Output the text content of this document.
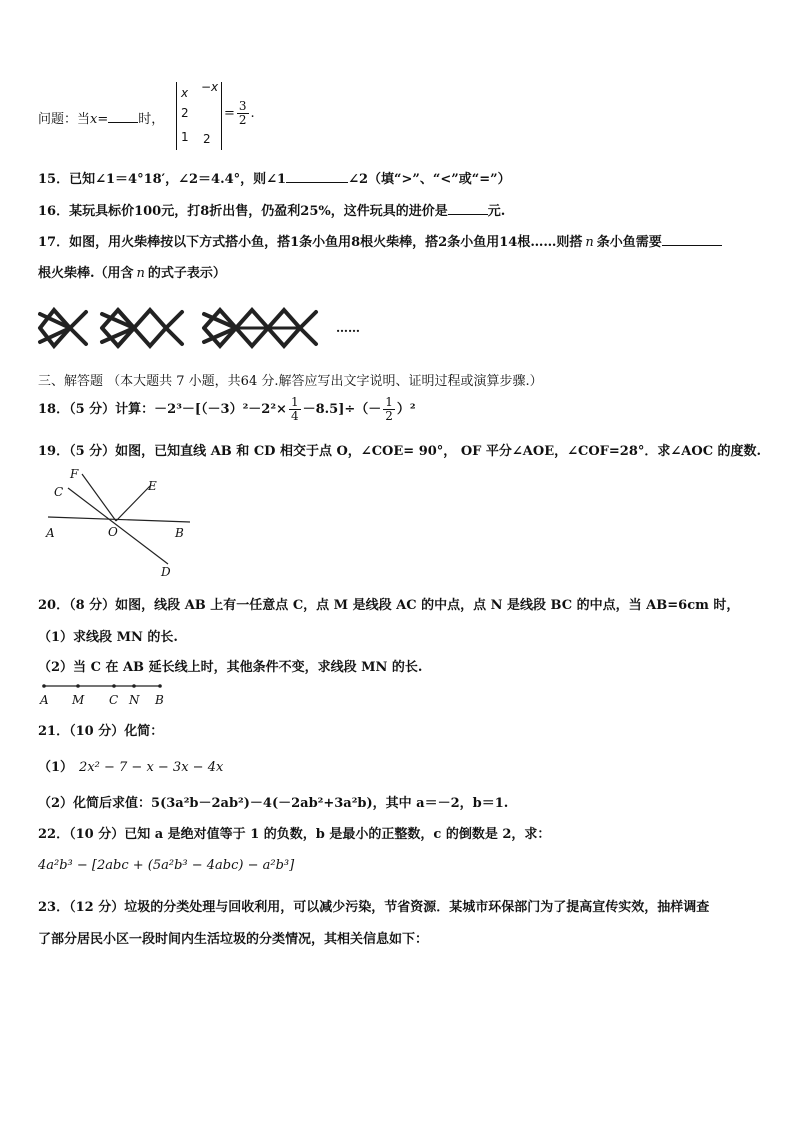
问题：当x= 时，
x −x
2
1 2
= $\frac{3}{2}$ .
15．已知∠1＝4°18′，∠2＝4.4°，则∠1	∠2（填“>”、“<”或“=”）
16．某玩具标价100元，打8折出售，仍盈利25%，这件玩具的进价是	元.
17．如图，用火柴棒按以下方式搭小鱼，搭1条小鱼用8根火柴棒，搭2条小鱼用14根……则搭 n 条小鱼需要
根火柴棒.（用含 n 的式子表示）
……
三、解答题 （本大题共 7 小题，共64 分.解答应写出文字说明、证明过程或演算步骤.）
18．（5 分）计算：$-2^3-[(-3)^2-2^2\times \frac{1}{4} -8.5]\div(- \frac{1}{2} )^2$
19．（5 分）如图，已知直线 AB 和 CD 相交于点 O，∠COE= 90°， OF 平分∠AOE，∠COF=28°．求∠AOC 的度数.
F
C	E
A	O	B
D
20．（8 分）如图，线段 AB 上有一任意点 C，点 M 是线段 AC 的中点，点 N 是线段 BC 的中点，当 AB=6cm 时，
（1）求线段 MN 的长.
（2）当 C 在 AB 延长线上时，其他条件不变，求线段 MN 的长.
A M C N B
21．（10 分）化简：
（1） 2x² − 7 − x − 3x − 4x
（2）化简后求值：5(3a²b－2ab²)－4(－2ab²+3a²b)，其中 a＝－2，b＝1.
22．（10 分）已知 a 是绝对值等于 1 的负数，b 是最小的正整数，c 的倒数是 2，求：
4a²b³ − [2abc + (5a²b³ − 4abc) − a²b³]
23．（12 分）垃圾的分类处理与回收利用，可以减少污染，节省资源．某城市环保部门为了提高宣传实效，抽样调查
了部分居民小区一段时间内生活垃圾的分类情况，其相关信息如下：
